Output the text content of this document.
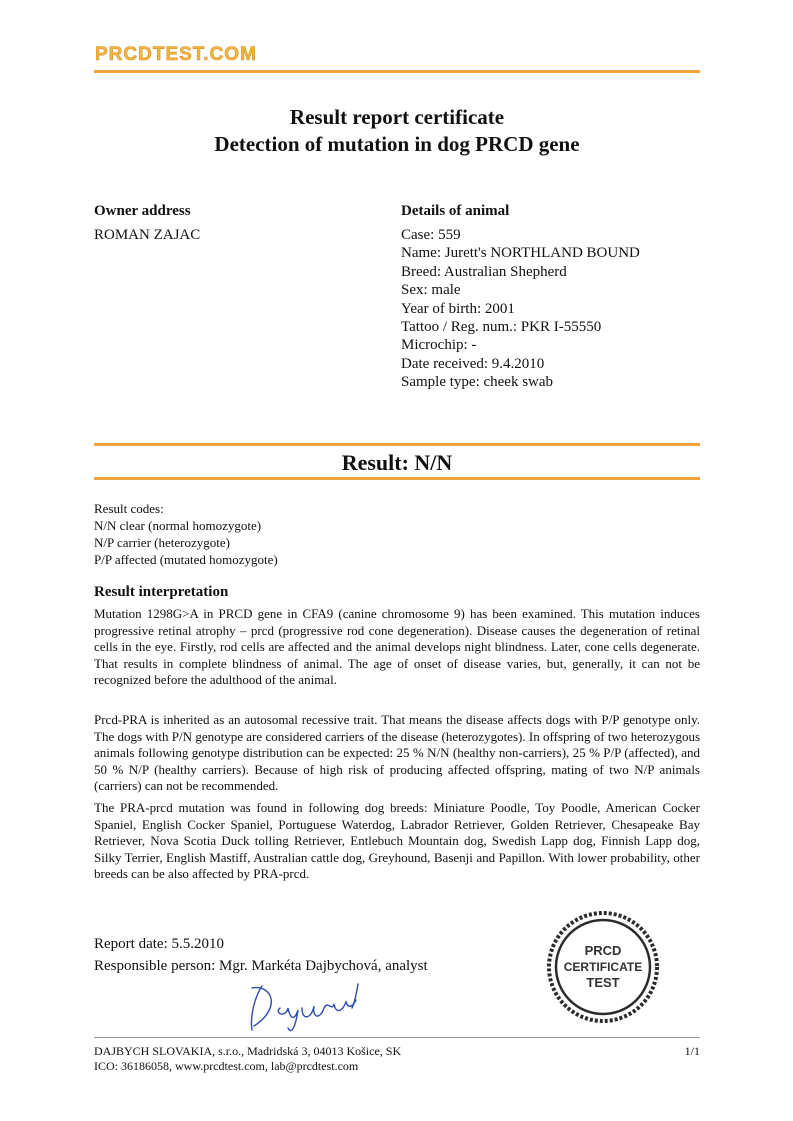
PRCDTEST.COM
Result report certificate
Detection of mutation in dog PRCD gene
Owner address
ROMAN ZAJAC
Details of animal
Case: 559
Name: Jurett's NORTHLAND BOUND
Breed: Australian Shepherd
Sex: male
Year of birth: 2001
Tattoo / Reg. num.: PKR I-55550
Microchip: -
Date received: 9.4.2010
Sample type: cheek swab
Result: N/N
Result codes:
N/N clear (normal homozygote)
N/P carrier (heterozygote)
P/P affected (mutated homozygote)
Result interpretation

Mutation 1298G>A in PRCD gene in CFA9 (canine chromosome 9) has been examined. This mutation induces progressive retinal atrophy – prcd (progressive rod cone degeneration). Disease causes the degeneration of retinal cells in the eye. Firstly, rod cells are affected and the animal develops night blindness. Later, cone cells degenerate. That results in complete blindness of animal. The age of onset of disease varies, but, generally, it can not be recognized before the adulthood of the animal.

Prcd-PRA is inherited as an autosomal recessive trait. That means the disease affects dogs with P/P genotype only. The dogs with P/N genotype are considered carriers of the disease (heterozygotes). In offspring of two heterozygous animals following genotype distribution can be expected: 25 % N/N (healthy non-carriers), 25 % P/P (affected), and 50 % N/P (healthy carriers). Because of high risk of producing affected offspring, mating of two N/P animals (carriers) can not be recommended.

The PRA-prcd mutation was found in following dog breeds: Miniature Poodle, Toy Poodle, American Cocker Spaniel, English Cocker Spaniel, Portuguese Waterdog, Labrador Retriever, Golden Retriever, Chesapeake Bay Retriever, Nova Scotia Duck tolling Retriever, Entlebuch Mountain dog, Swedish Lapp dog, Finnish Lapp dog, Silky Terrier, English Mastiff, Australian cattle dog, Greyhound, Basenji and Papillon. With lower probability, other breeds can be also affected by PRA-prcd.

Report date: 5.5.2010
Responsible person: Mgr. Markéta Dajbychová, analyst
PRCD
CERTIFICATE
TEST
DAJBYCH SLOVAKIA, s.r.o., Madridská 3, 04013 Košice, SK
ICO: 36186058, www.prcdtest.com, lab@prcdtest.com
1/1
